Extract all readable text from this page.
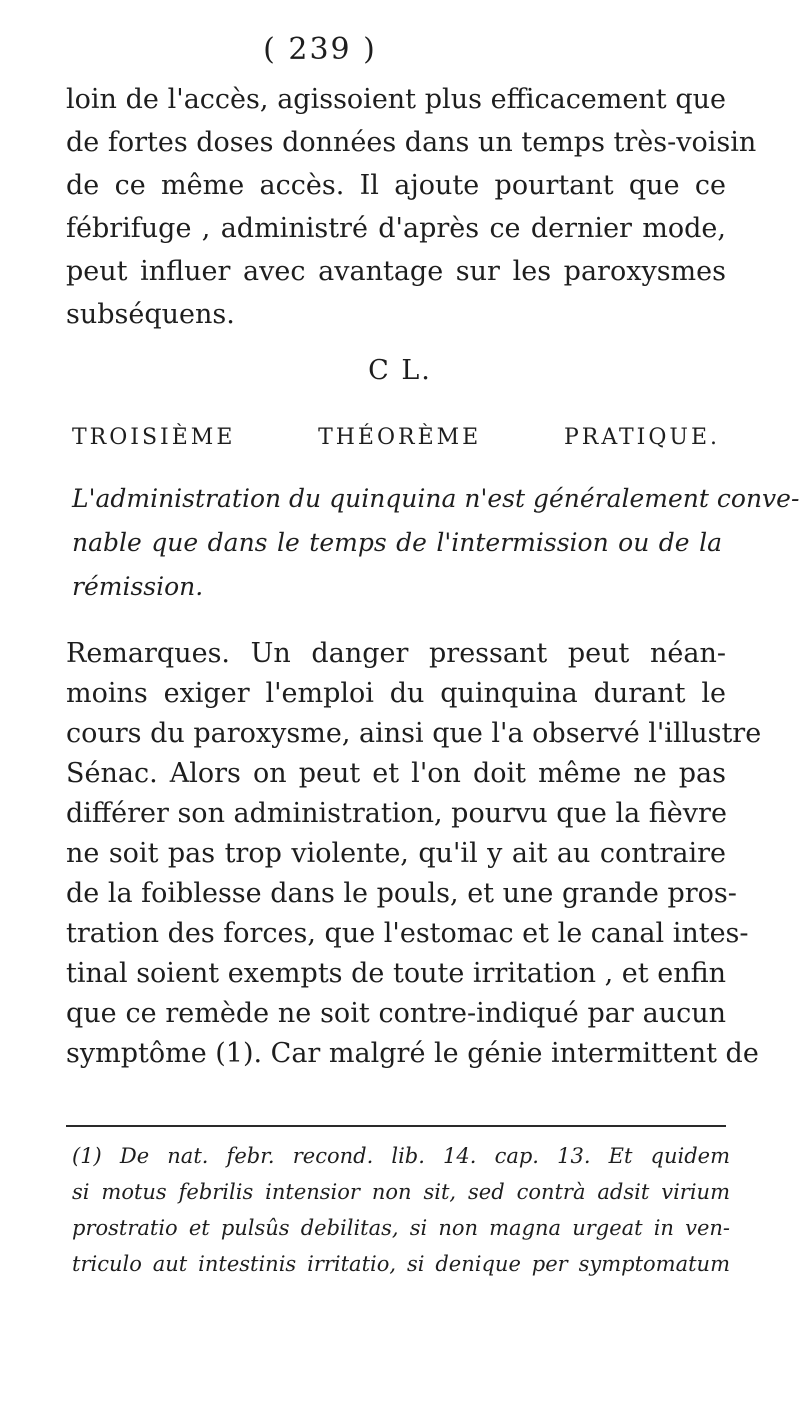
( 239 )
loin de l'accès, agissoient plus efficacement que
de fortes doses données dans un temps très-voisin
de ce même accès. Il ajoute pourtant que ce
fébrifuge , administré d'après ce dernier mode,
peut influer avec avantage sur les paroxysmes
subséquens.
C L.
TROISIÈME THÉORÈME PRATIQUE.
L'administration du quinquina n'est généralement conve-
nable que dans le temps de l'intermission ou de la
rémission.
Remarques. Un danger pressant peut néan-
moins exiger l'emploi du quinquina durant le
cours du paroxysme, ainsi que l'a observé l'illustre
Sénac. Alors on peut et l'on doit même ne pas
différer son administration, pourvu que la fièvre
ne soit pas trop violente, qu'il y ait au contraire
de la foiblesse dans le pouls, et une grande pros-
tration des forces, que l'estomac et le canal intes-
tinal soient exempts de toute irritation , et enfin
que ce remède ne soit contre-indiqué par aucun
symptôme (1). Car malgré le génie intermittent de
(1) De nat. febr. recond. lib. 14. cap. 13. Et quidem
si motus febrilis intensior non sit, sed contrà adsit virium
prostratio et pulsûs debilitas, si non magna urgeat in ven-
triculo aut intestinis irritatio, si denique per symptomatum
